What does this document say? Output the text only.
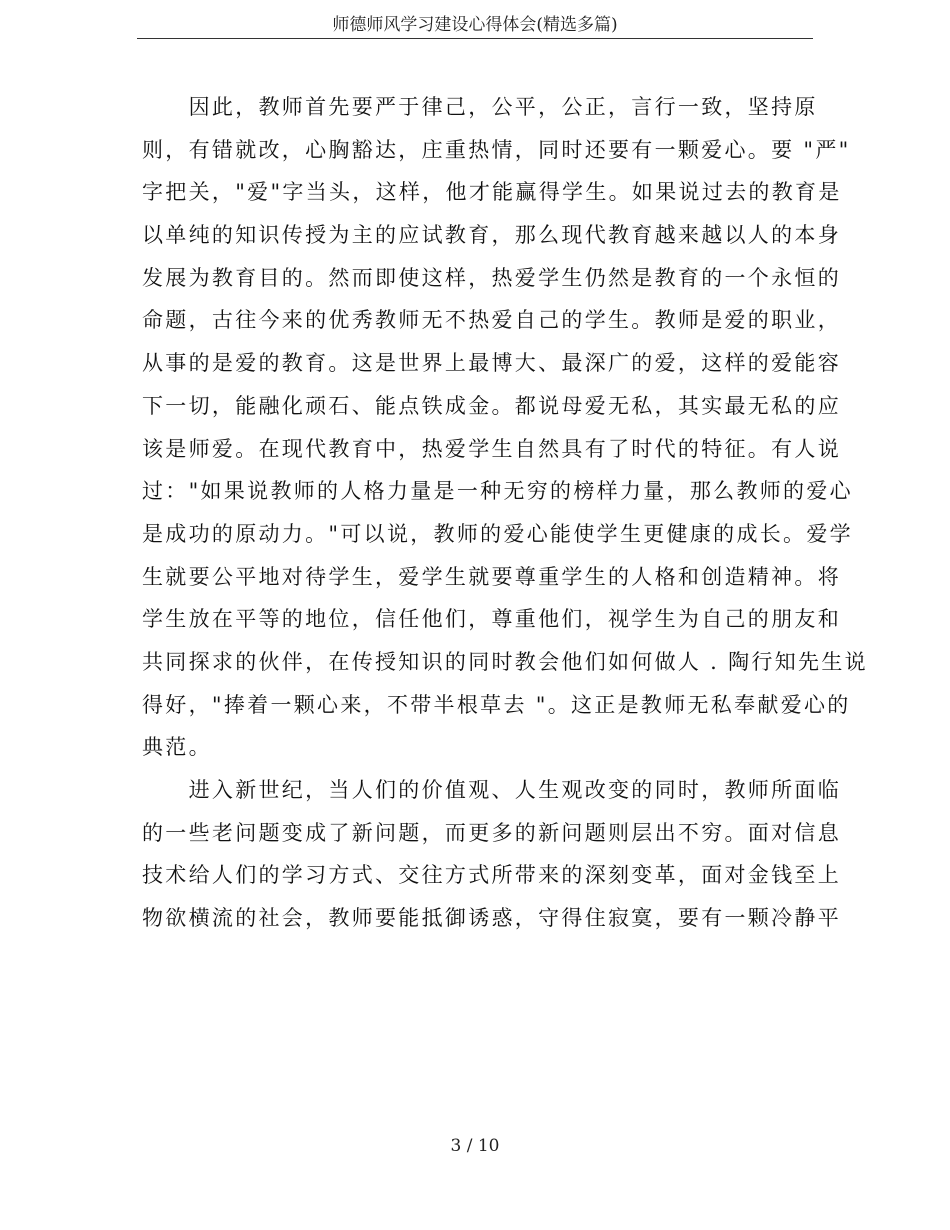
师德师风学习建设心得体会(精选多篇)
　　因此，教师首先要严于律己，公平，公正，言行一致，坚持原
则，有错就改，心胸豁达，庄重热情，同时还要有一颗爱心。要 "严"
字把关，"爱"字当头，这样，他才能赢得学生。如果说过去的教育是
以单纯的知识传授为主的应试教育，那么现代教育越来越以人的本身
发展为教育目的。然而即使这样，热爱学生仍然是教育的一个永恒的
命题，古往今来的优秀教师无不热爱自己的学生。教师是爱的职业，
从事的是爱的教育。这是世界上最博大、最深广的爱，这样的爱能容
下一切，能融化顽石、能点铁成金。都说母爱无私，其实最无私的应
该是师爱。在现代教育中，热爱学生自然具有了时代的特征。有人说
过："如果说教师的人格力量是一种无穷的榜样力量，那么教师的爱心
是成功的原动力。"可以说，教师的爱心能使学生更健康的成长。爱学
生就要公平地对待学生，爱学生就要尊重学生的人格和创造精神。将
学生放在平等的地位，信任他们，尊重他们，视学生为自己的朋友和
共同探求的伙伴，在传授知识的同时教会他们如何做人 . 陶行知先生说
得好，"捧着一颗心来，不带半根草去 "。这正是教师无私奉献爱心的
典范。
　　进入新世纪，当人们的价值观、人生观改变的同时，教师所面临
的一些老问题变成了新问题，而更多的新问题则层出不穷。面对信息
技术给人们的学习方式、交往方式所带来的深刻变革，面对金钱至上
物欲横流的社会，教师要能抵御诱惑，守得住寂寞，要有一颗冷静平
3 / 10
